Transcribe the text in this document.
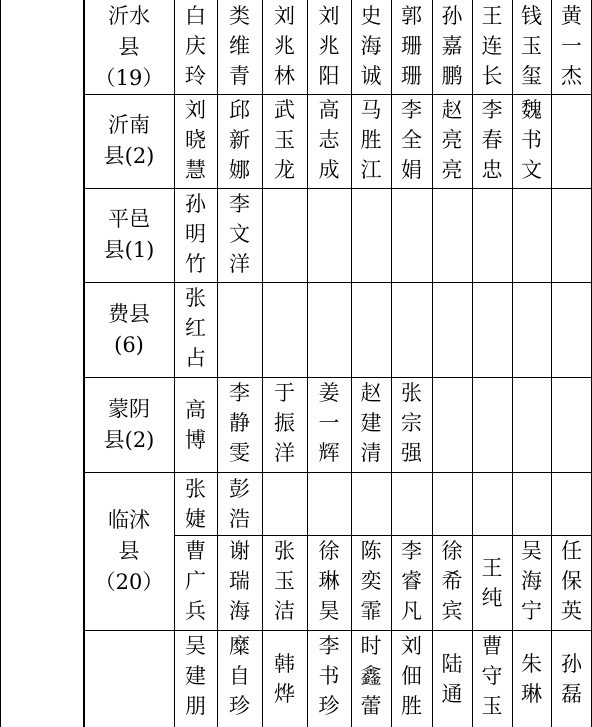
沂水
县
（19）
沂南
县(2)
平邑
县(1)
费县
(6)
蒙阴
县(2)
临沭
县
（20）
白
庆
玲
类
维
青
刘
兆
林
刘
兆
阳
史
海
诚
郭
珊
珊
孙
嘉
鹏
王
连
长
钱
玉
玺
黄
一
杰
刘
晓
慧
邱
新
娜
武
玉
龙
高
志
成
马
胜
江
李
全
娟
赵
亮
亮
李
春
忠
魏
书
文
孙
明
竹
李
文
洋
张
红
占
高
博
李
静
雯
于
振
洋
姜
一
辉
赵
建
清
张
宗
强
张
婕
彭
浩
曹
广
兵
谢
瑞
海
张
玉
洁
徐
琳
昊
陈
奕
霏
李
睿
凡
徐
希
宾
王
纯
吴
海
宁
任
保
英
吴
建
朋
糜
自
珍
韩
烨
李
书
珍
时
鑫
蕾
刘
佃
胜
陆
通
曹
守
玉
朱
琳
孙
磊
